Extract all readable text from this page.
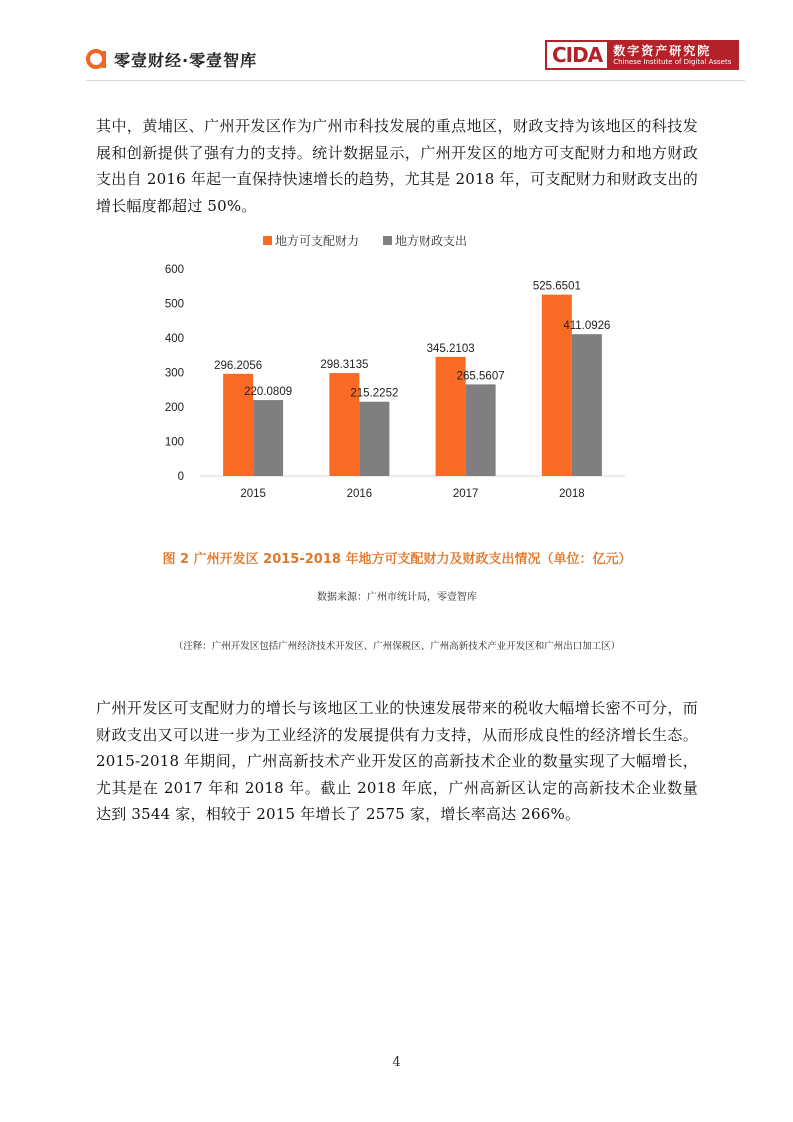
零壹财经·零壹智库	CIDA 数字资产研究院
Chinese Institute of Digital Assets

其中，黄埔区、广州开发区作为广州市科技发展的重点地区，财政支持为该地区的科技发展和创新提供了强有力的支持。统计数据显示，广州开发区的地方可支配财力和地方财政支出自 2016 年起一直保持快速增长的趋势，尤其是 2018 年，可支配财力和财政支出的增长幅度都超过 50%。

地方可支配财力	地方财政支出
0
100
200
300
400
500
600
296.2056
220.0809
2015
298.3135
215.2252
2016
345.2103
265.5607
2017
525.6501
411.0926
2018
图 2 广州开发区 2015-2018 年地方可支配财力及财政支出情况（单位：亿元）
数据来源：广州市统计局，零壹智库
（注释：广州开发区包括广州经济技术开发区、广州保税区、广州高新技术产业开发区和广州出口加工区）

广州开发区可支配财力的增长与该地区工业的快速发展带来的税收大幅增长密不可分，而财政支出又可以进一步为工业经济的发展提供有力支持，从而形成良性的经济增长生态。2015-2018 年期间，广州高新技术产业开发区的高新技术企业的数量实现了大幅增长，尤其是在 2017 年和 2018 年。截止 2018 年底，广州高新区认定的高新技术企业数量达到 3544 家，相较于 2015 年增长了 2575 家，增长率高达 266%。

4
